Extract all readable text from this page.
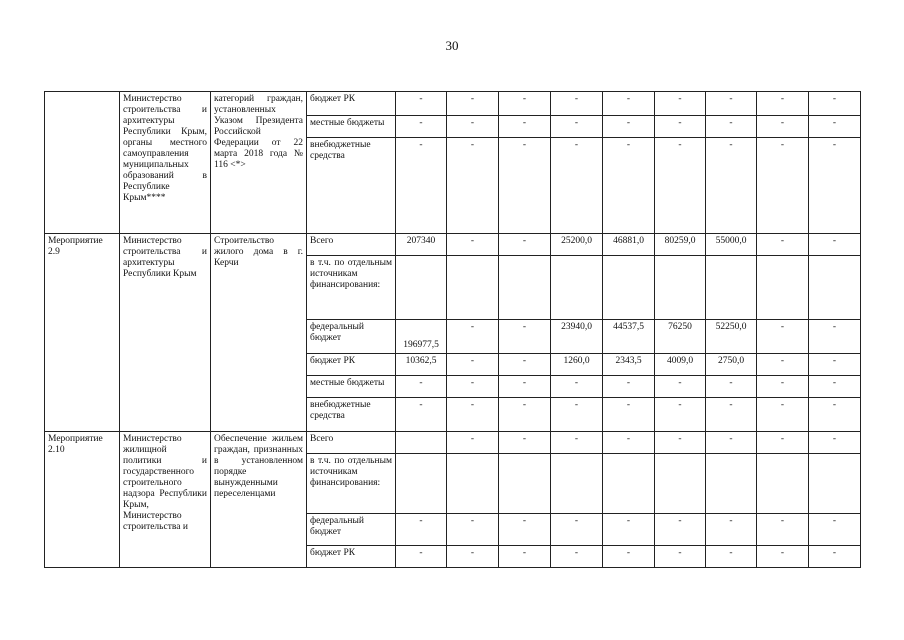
30
	Министерство строительства и архитектуры Республики Крым, органы местного самоуправления муниципальных образований в Республике Крым****	категорий граждан, установленных Указом Президента Российской Федерации от 22 марта 2018 года № 116 <*>	бюджет РК	-	-	-	-	-	-	-	-	-

			местные бюджеты	-	-	-	-	-	-	-	-	-

			внебюджетные средства	-	-	-	-	-	-	-	-	-

Мероприятие 2.9	Министерство строительства и архитектуры Республики Крым	Строительство жилого дома в г. Керчи	Всего	207340	-	-	25200,0	46881,0	80259,0	55000,0	-	-

			в т.ч. по отдельным источникам финансирования:	

			федеральный бюджет	196977,5	-	-	23940,0	44537,5	76250	52250,0	-	-

			бюджет РК	10362,5	-	-	1260,0	2343,5	4009,0	2750,0	-	-

			местные бюджеты	-	-	-	-	-	-	-	-	-

			внебюджетные средства	-	-	-	-	-	-	-	-	-

Мероприятие 2.10	Министерство жилищной политики и государственного строительного надзора Республики Крым, Министерство строительства и	Обеспечение жильем граждан, признанных в установленном порядке вынужденными переселенцами	Всего		-	-	-	-	-	-	-	-

			в т.ч. по отдельным источникам финансирования:	

			федеральный бюджет	-	-	-	-	-	-	-	-	-

			бюджет РК	-	-	-	-	-	-	-	-	-
